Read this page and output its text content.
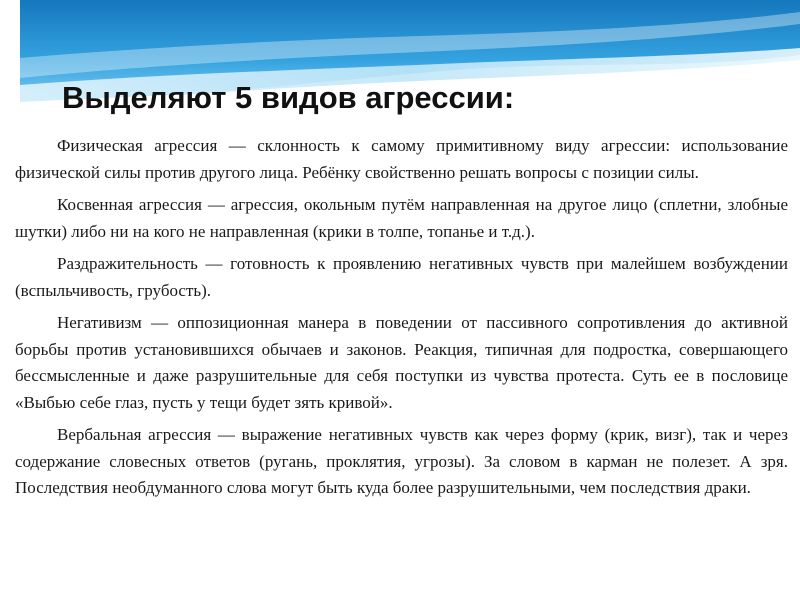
Выделяют 5 видов агрессии:

Физическая агрессия — склонность к самому примитивному виду агрессии: использование физической силы против другого лица. Ребёнку свойственно решать вопросы с позиции силы.

Косвенная агрессия — агрессия, окольным путём направленная на другое лицо (сплетни, злобные шутки) либо ни на кого не направленная (крики в толпе, топанье и т.д.).

Раздражительность — готовность к проявлению негативных чувств при малейшем возбуждении (вспыльчивость, грубость).

Негативизм — оппозиционная манера в поведении от пассивного сопротивления до активной борьбы против установившихся обычаев и законов. Реакция, типичная для подростка, совершающего бессмысленные и даже разрушительные для себя поступки из чувства протеста. Суть ее в пословице «Выбью себе глаз, пусть у тещи будет зять кривой».

Вербальная агрессия — выражение негативных чувств как через форму (крик, визг), так и через содержание словесных ответов (ругань, проклятия, угрозы). За словом в карман не полезет. А зря. Последствия необдуманного слова могут быть куда более разрушительными, чем последствия драки.
